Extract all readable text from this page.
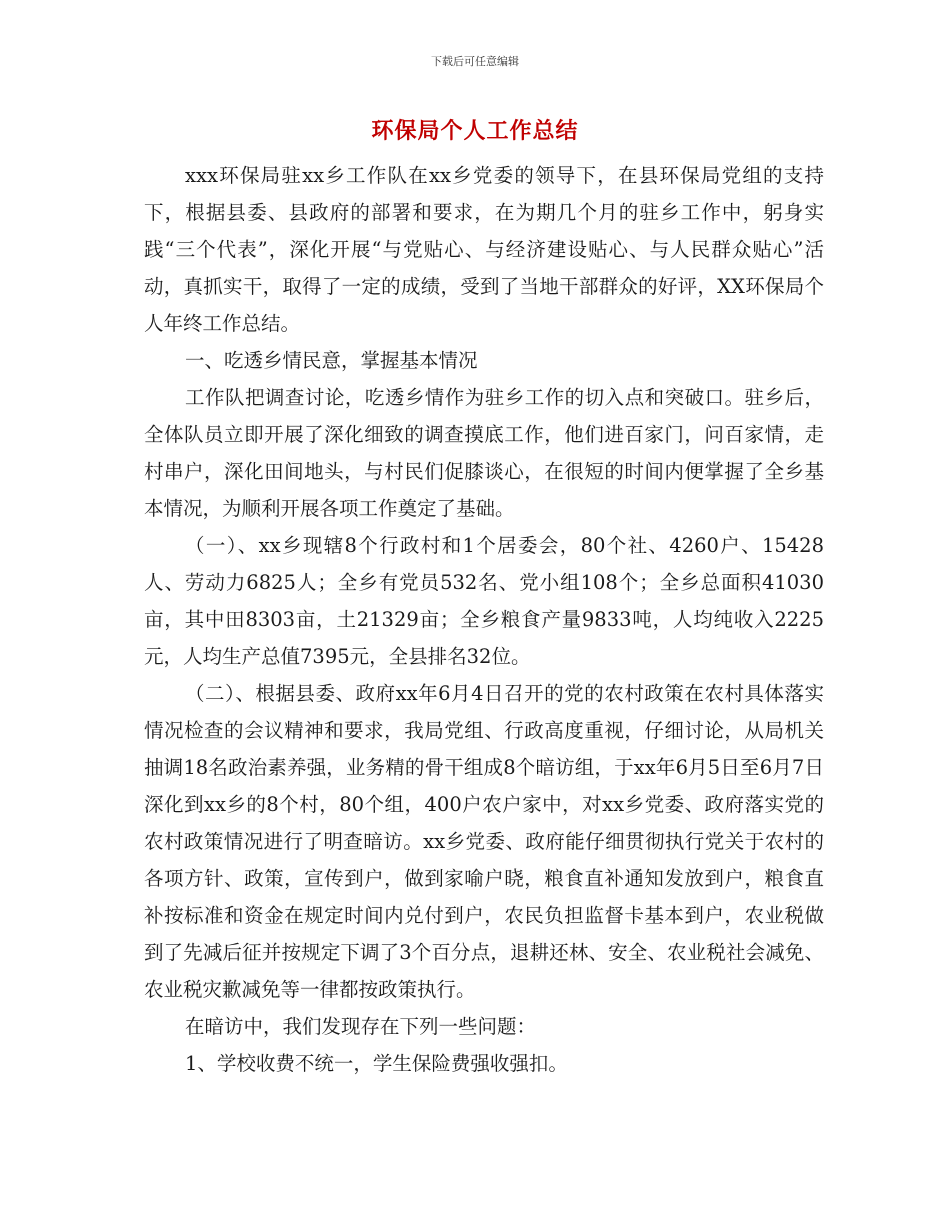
下载后可任意编辑
环保局个人工作总结

xxx环保局驻xx乡工作队在xx乡党委的领导下，在县环保局党组的支持下，根据县委、县政府的部署和要求，在为期几个月的驻乡工作中，躬身实践“三个代表”，深化开展“与党贴心、与经济建设贴心、与人民群众贴心”活动，真抓实干，取得了一定的成绩，受到了当地干部群众的好评，XX环保局个人年终工作总结。

一、吃透乡情民意，掌握基本情况

工作队把调查讨论，吃透乡情作为驻乡工作的切入点和突破口。驻乡后，全体队员立即开展了深化细致的调查摸底工作，他们进百家门，问百家情，走村串户，深化田间地头，与村民们促膝谈心，在很短的时间内便掌握了全乡基本情况，为顺利开展各项工作奠定了基础。

（一）、xx乡现辖8个行政村和1个居委会，80个社、4260户、15428人、劳动力6825人；全乡有党员532名、党小组108个；全乡总面积41030亩，其中田8303亩，土21329亩；全乡粮食产量9833吨，人均纯收入2225元，人均生产总值7395元，全县排名32位。

（二）、根据县委、政府xx年6月4日召开的党的农村政策在农村具体落实情况检查的会议精神和要求，我局党组、行政高度重视，仔细讨论，从局机关抽调18名政治素养强，业务精的骨干组成8个暗访组，于xx年6月5日至6月7日深化到xx乡的8个村，80个组，400户农户家中，对xx乡党委、政府落实党的农村政策情况进行了明查暗访。xx乡党委、政府能仔细贯彻执行党关于农村的各项方针、政策，宣传到户，做到家喻户晓，粮食直补通知发放到户，粮食直补按标准和资金在规定时间内兑付到户，农民负担监督卡基本到户，农业税做到了先减后征并按规定下调了3个百分点，退耕还林、安全、农业税社会减免、农业税灾歉减免等一律都按政策执行。

在暗访中，我们发现存在下列一些问题：

1、学校收费不统一，学生保险费强收强扣。
